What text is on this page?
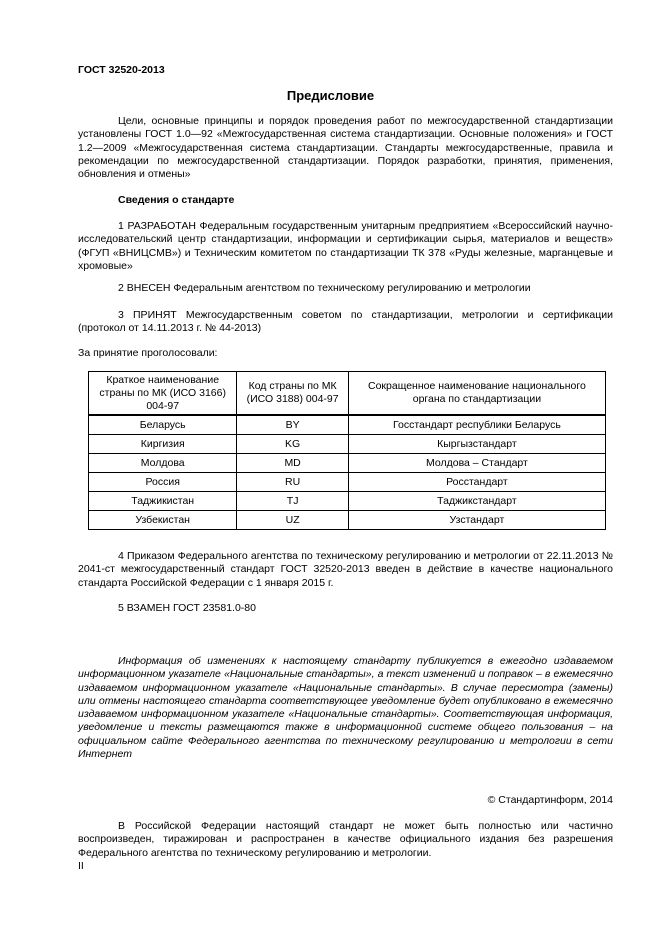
ГОСТ 32520-2013
Предисловие
Цели, основные принципы и порядок проведения работ по межгосударственной стандартизации установлены ГОСТ 1.0—92 «Межгосударственная система стандартизации. Основные положения» и ГОСТ 1.2—2009 «Межгосударственная система стандартизации. Стандарты межгосударственные, правила и рекомендации по межгосударственной стандартизации. Порядок разработки, принятия, применения, обновления и отмены»
Сведения о стандарте
1 РАЗРАБОТАН Федеральным государственным унитарным предприятием «Всероссийский научно-исследовательский центр стандартизации, информации и сертификации сырья, материалов и веществ» (ФГУП «ВНИЦСМВ») и Техническим комитетом по стандартизации ТК 378 «Руды железные, марганцевые и хромовые»
2 ВНЕСЕН Федеральным агентством по техническому регулированию и метрологии
3 ПРИНЯТ Межгосударственным советом по стандартизации, метрологии и сертификации (протокол от 14.11.2013 г. № 44-2013)
За принятие проголосовали:
Краткое наименование страны по МК (ИСО 3166) 004-97	Код страны по МК (ИСО 3188) 004-97	Сокращенное наименование национального органа по стандартизации
Беларусь	BY	Госстандарт республики Беларусь
Киргизия	KG	Кыргызстандарт
Молдова	MD	Молдова – Стандарт
Россия	RU	Росстандарт
Таджикистан	TJ	Таджикстандарт
Узбекистан	UZ	Узстандарт
4 Приказом Федерального агентства по техническому регулированию и метрологии от 22.11.2013 № 2041-ст межгосударственный стандарт ГОСТ 32520-2013 введен в действие в качестве национального стандарта Российской Федерации с 1 января 2015 г.
5 ВЗАМЕН ГОСТ 23581.0-80
Информация об изменениях к настоящему стандарту публикуется в ежегодно издаваемом информационном указателе «Национальные стандарты», а текст изменений и поправок – в ежемесячно издаваемом информационном указателе «Национальные стандарты». В случае пересмотра (замены) или отмены настоящего стандарта соответствующее уведомление будет опубликовано в ежемесячно издаваемом информационном указателе «Национальные стандарты». Соответствующая информация, уведомление и тексты размещаются также в информационной системе общего пользования – на официальном сайте Федерального агентства по техническому регулированию и метрологии в сети Интернет
© Стандартинформ, 2014
В Российской Федерации настоящий стандарт не может быть полностью или частично воспроизведен, тиражирован и распространен в качестве официального издания без разрешения Федерального агентства по техническому регулированию и метрологии.
II
